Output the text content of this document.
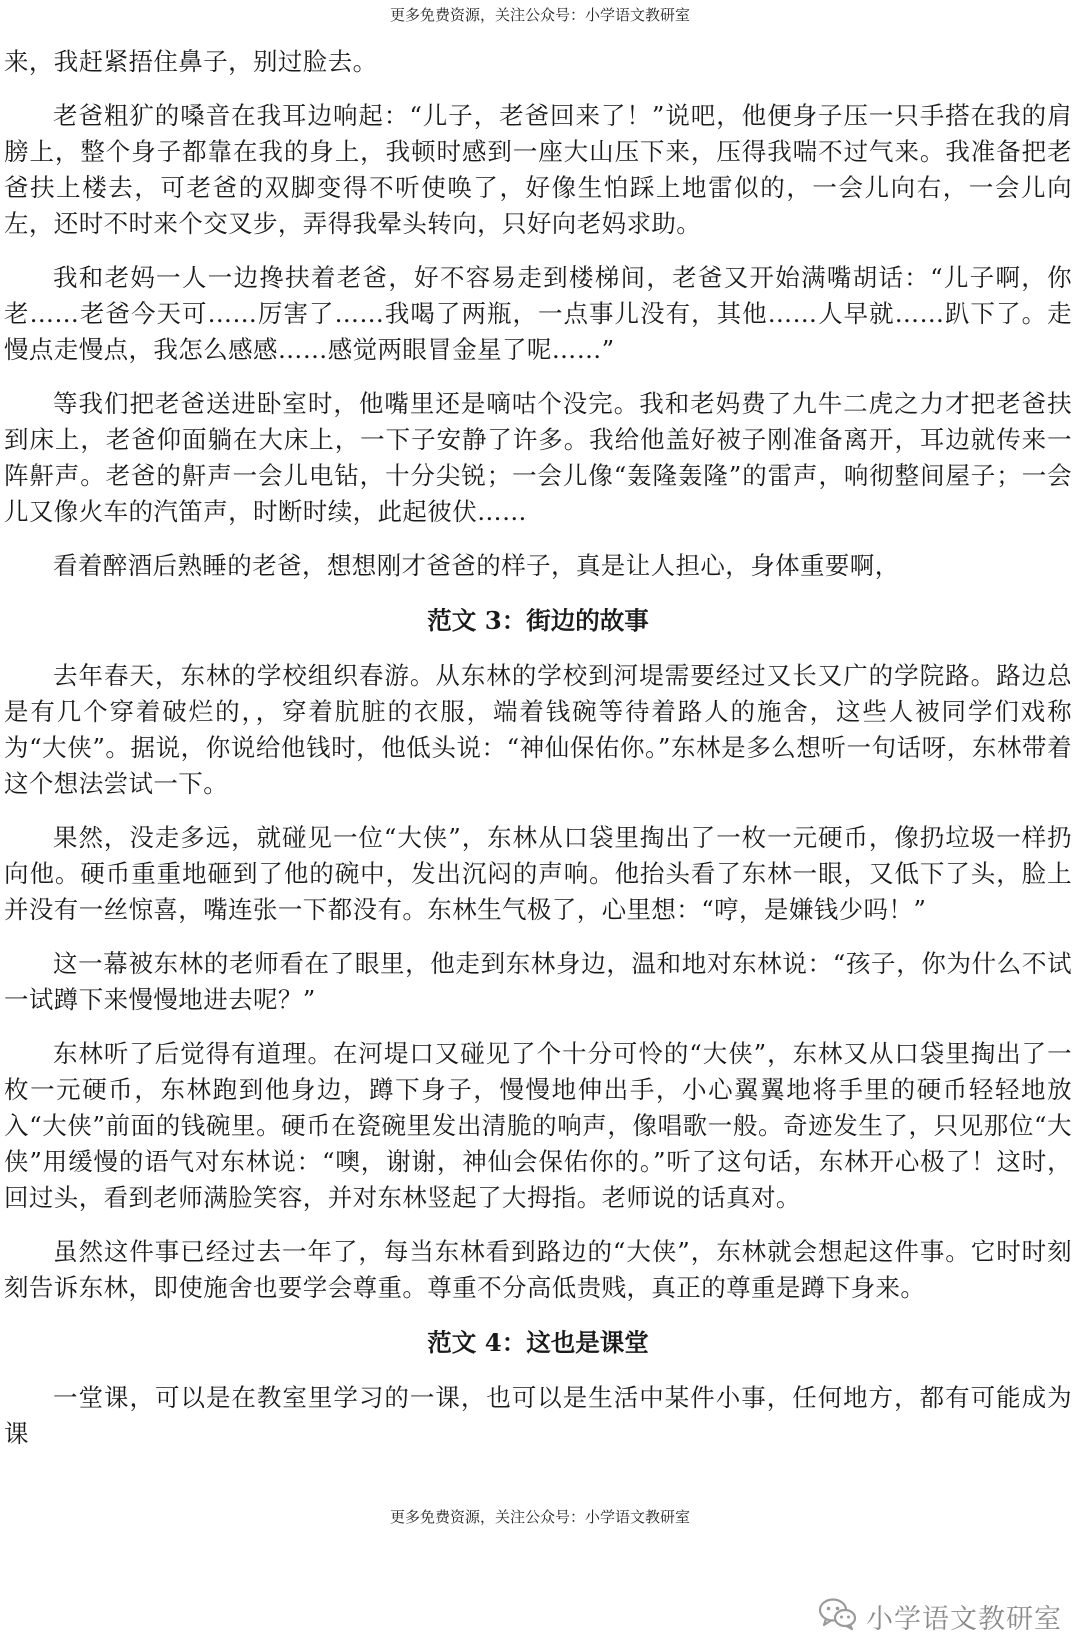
更多免费资源，关注公众号：小学语文教研室

来，我赶紧捂住鼻子，别过脸去。

老爸粗犷的嗓音在我耳边响起：“儿子，老爸回来了！”说吧，他便身子压一只手搭在我的肩膀上，整个身子都靠在我的身上，我顿时感到一座大山压下来，压得我喘不过气来。我准备把老爸扶上楼去，可老爸的双脚变得不听使唤了，好像生怕踩上地雷似的，一会儿向右，一会儿向左，还时不时来个交叉步，弄得我晕头转向，只好向老妈求助。

我和老妈一人一边搀扶着老爸，好不容易走到楼梯间，老爸又开始满嘴胡话：“儿子啊，你老……老爸今天可……厉害了……我喝了两瓶，一点事儿没有，其他……人早就……趴下了。走慢点走慢点，我怎么感感……感觉两眼冒金星了呢……”

等我们把老爸送进卧室时，他嘴里还是嘀咕个没完。我和老妈费了九牛二虎之力才把老爸扶到床上，老爸仰面躺在大床上，一下子安静了许多。我给他盖好被子刚准备离开，耳边就传来一阵鼾声。老爸的鼾声一会儿电钻，十分尖锐；一会儿像“轰隆轰隆”的雷声，响彻整间屋子；一会儿又像火车的汽笛声，时断时续，此起彼伏……

看着醉酒后熟睡的老爸，想想刚才爸爸的样子，真是让人担心，身体重要啊，

范文 3：街边的故事

去年春天，东林的学校组织春游。从东林的学校到河堤需要经过又长又广的学院路。路边总是有几个穿着破烂的，，穿着肮脏的衣服，端着钱碗等待着路人的施舍，这些人被同学们戏称为“大侠”。据说，你说给他钱时，他低头说：“神仙保佑你。”东林是多么想听一句话呀，东林带着这个想法尝试一下。

果然，没走多远，就碰见一位“大侠”，东林从口袋里掏出了一枚一元硬币，像扔垃圾一样扔向他。硬币重重地砸到了他的碗中，发出沉闷的声响。他抬头看了东林一眼，又低下了头，脸上并没有一丝惊喜，嘴连张一下都没有。东林生气极了，心里想：“哼，是嫌钱少吗！”

这一幕被东林的老师看在了眼里，他走到东林身边，温和地对东林说：“孩子，你为什么不试一试蹲下来慢慢地进去呢？”

东林听了后觉得有道理。在河堤口又碰见了个十分可怜的“大侠”，东林又从口袋里掏出了一枚一元硬币，东林跑到他身边，蹲下身子，慢慢地伸出手，小心翼翼地将手里的硬币轻轻地放入“大侠”前面的钱碗里。硬币在瓷碗里发出清脆的响声，像唱歌一般。奇迹发生了，只见那位“大侠”用缓慢的语气对东林说：“噢，谢谢，神仙会保佑你的。”听了这句话，东林开心极了！这时，回过头，看到老师满脸笑容，并对东林竖起了大拇指。老师说的话真对。

虽然这件事已经过去一年了，每当东林看到路边的“大侠”，东林就会想起这件事。它时时刻刻告诉东林，即使施舍也要学会尊重。尊重不分高低贵贱，真正的尊重是蹲下身来。

范文 4：这也是课堂

一堂课，可以是在教室里学习的一课，也可以是生活中某件小事，任何地方，都有可能成为课

更多免费资源，关注公众号：小学语文教研室
小学语文教研室
